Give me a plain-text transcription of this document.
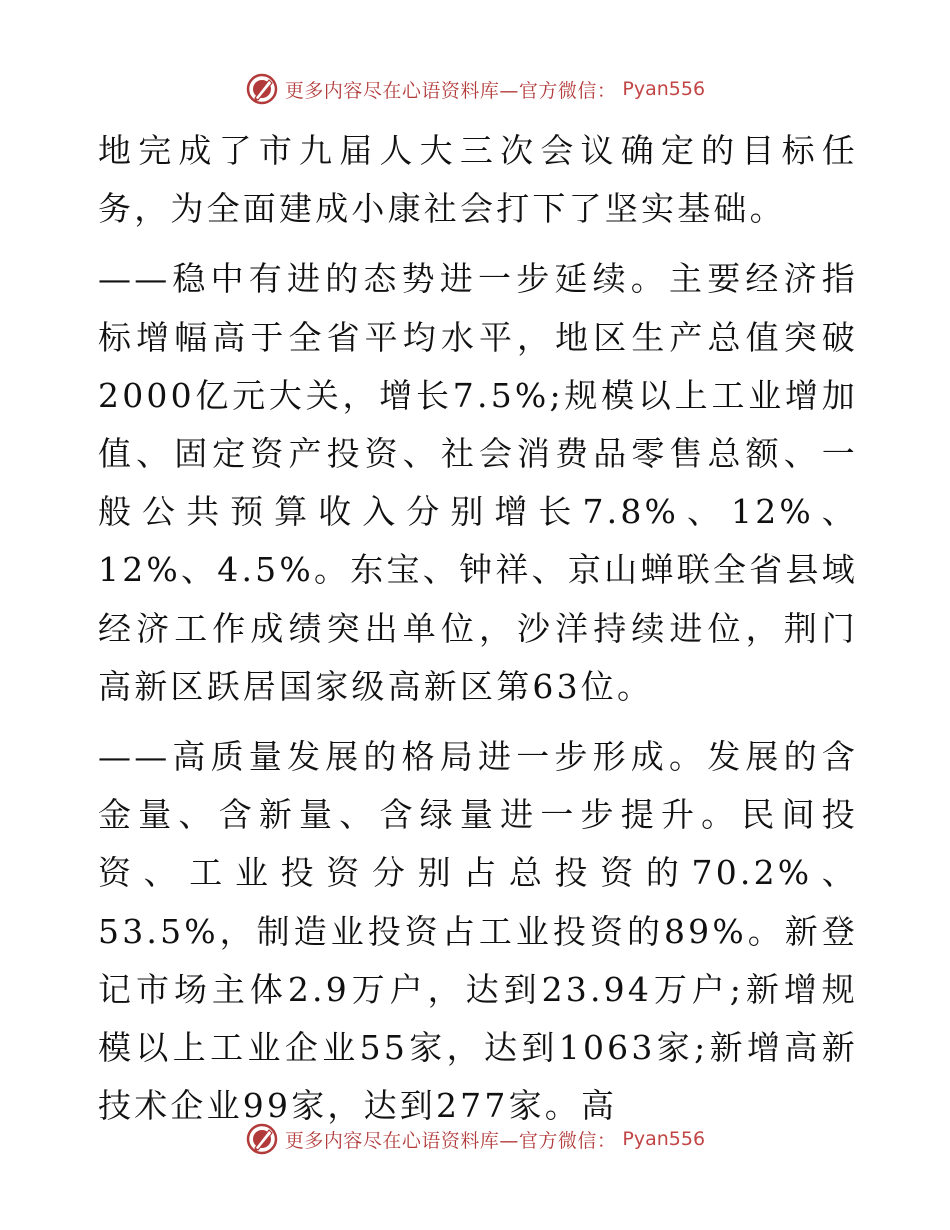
更多内容尽在心语资料库—官方微信： Pyan556

地完成了市九届人大三次会议确定的目标任务，为全面建成小康社会打下了坚实基础。

——稳中有进的态势进一步延续。主要经济指标增幅高于全省平均水平，地区生产总值突破2000亿元大关，增长7.5%;规模以上工业增加值、固定资产投资、社会消费品零售总额、一般公共预算收入分别增长7.8%、12%、12%、4.5%。东宝、钟祥、京山蝉联全省县域经济工作成绩突出单位，沙洋持续进位，荆门高新区跃居国家级高新区第63位。

——高质量发展的格局进一步形成。发展的含金量、含新量、含绿量进一步提升。民间投资、工业投资分别占总投资的70.2%、53.5%，制造业投资占工业投资的89%。新登记市场主体2.9万户，达到23.94万户;新增规模以上工业企业55家，达到1063家;新增高新技术企业99家，达到277家。高

更多内容尽在心语资料库—官方微信： Pyan556
